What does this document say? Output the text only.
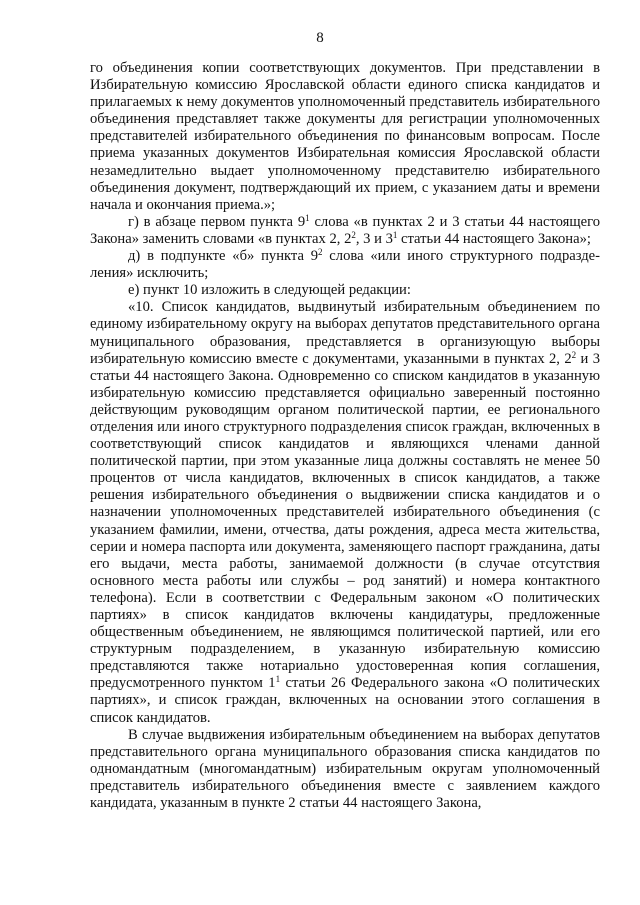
8

го объединения копии соответствующих документов. При представлении в Избирательную комиссию Ярославской области единого списка кандидатов и прилагаемых к нему документов уполномоченный представитель избирательного объединения представляет также документы для регистрации уполномоченных представителей избирательного объединения по финансовым вопросам. После приема указанных документов Избирательная комиссия Ярославской области незамедлительно выдает уполномоченному представителю избирательного объединения документ, подтверждающий их прием, с указанием даты и времени начала и окончания приема.»;

г) в абзаце первом пункта $9^1$ слова «в пунктах 2 и 3 статьи 44 настоящего Закона» заменить словами «в пунктах 2, $2^2$, 3 и $3^1$ статьи 44 настоящего Закона»;

д) в подпункте «б» пункта $9^2$ слова «или иного структурного подразделения» исключить;

е) пункт 10 изложить в следующей редакции:

«10. Список кандидатов, выдвинутый избирательным объединением по единому избирательному округу на выборах депутатов представительного органа муниципального образования, представляется в организующую выборы избирательную комиссию вместе с документами, указанными в пунктах 2, $2^2$ и 3 статьи 44 настоящего Закона. Одновременно со списком кандидатов в указанную избирательную комиссию представляется официально заверенный постоянно действующим руководящим органом политической партии, ее регионального отделения или иного структурного подразделения список граждан, включенных в соответствующий список кандидатов и являющихся членами данной политической партии, при этом указанные лица должны составлять не менее 50 процентов от числа кандидатов, включенных в список кандидатов, а также решения избирательного объединения о выдвижении списка кандидатов и о назначении уполномоченных представителей избирательного объединения (с указанием фамилии, имени, отчества, даты рождения, адреса места жительства, серии и номера паспорта или документа, заменяющего паспорт гражданина, даты его выдачи, места работы, занимаемой должности (в случае отсутствия основного места работы или службы – род занятий) и номера контактного телефона). Если в соответствии с Федеральным законом «О политических партиях» в список кандидатов включены кандидатуры, предложенные общественным объединением, не являющимся политической партией, или его структурным подразделением, в указанную избирательную комиссию представляются также нотариально удостоверенная копия соглашения, предусмотренного пунктом $1^1$ статьи 26 Федерального закона «О политических партиях», и список граждан, включенных на основании этого соглашения в список кандидатов.

В случае выдвижения избирательным объединением на выборах депутатов представительного органа муниципального образования списка кандидатов по одномандатным (многомандатным) избирательным округам уполномоченный представитель избирательного объединения вместе с заявлением каждого кандидата, указанным в пункте 2 статьи 44 настоящего Закона,
